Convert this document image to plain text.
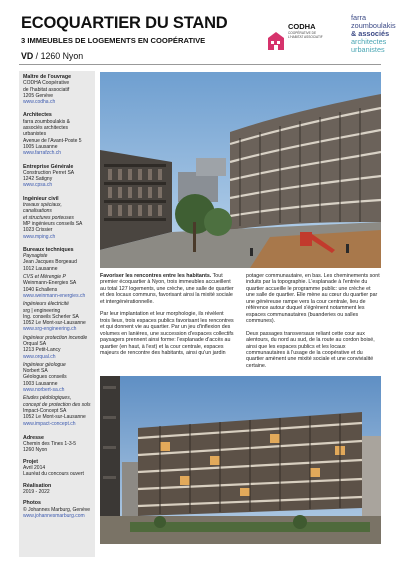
ECOQUARTIER DU STAND
3 IMMEUBLES DE LOGEMENTS EN COOPÉRATIVE
VD / 1260 Nyon
CODHA
COOPÉRATIVE DE L'HABITAT ASSOCIATIF
farra
zoumboulakis
& associés
architectes
urbanistes
Maître de l'ouvrage
CODHA Coopérative
de l'habitat associatif
1205 Genève
www.codha.ch
Architectes
farra zoumboulakis &
associés architectes
urbanistes
Avenue de l'Avant-Poste 5
1005 Lausanne
www.farrafzch.ch
Entreprise Générale
Construction Perret SA
1242 Satigny
www.cpsa.ch
Ingénieur civil
travaux spéciaux, canalisations
et structures porteuses
MP ingénieurs conseils SA
1023 Crissier
www.mping.ch
Bureaux techniques
Paysagiste
Jean Jacques Borgeaud
1012 Lausanne
CVS et Mérengie P
Weinmann-Energies SA
1040 Echallens
www.weinmann-energies.ch
Ingénieurs électricité
srg | engineering
Ing. conseils Scherler SA
1052 Le Mont-sur-Lausanne
www.srg-engineering.ch
Ingénieur protection incendie
Orqual SA
1213 Petit-Lancy
www.orqual.ch
Ingénieur géologue
Norbert SA
Géologues conseils
1003 Lausanne
www.norbert-sa.ch
Etudes pédologiques,
concept de protection des sols
Impact-Concept SA
1052 Le Mont-sur-Lausanne
www.impact-concept.ch
Adresse
Chemin des Tines 1-3-5
1260 Nyon
Projet
Avril 2014
Lauréat du concours ouvert
Réalisation
2019 - 2022
Photos
© Johannes Marburg, Genève
www.johannesmarburg.com

Favoriser les rencontres entre les habitants. Tout premier écoquartier à Nyon, trois immeubles accueillent au total 127 logements, une crèche, une salle de quartier et des locaux communs, favorisant ainsi la mixité sociale et intergénérationnelle.

Par leur implantation et leur morphologie, ils révèlent trois lieux, trois espaces publics favorisant les rencontres et qui donnent vie au quartier. Par un jeu d'inflexion des volumes en lanières, une succession d'espaces collectifs paysagers prennent ainsi forme: l'esplanade d'accès au quartier (en haut, à l'est) et la cour centrale, espaces majeurs de rencontre des habitants, ainsi qu'un jardin

potager communautaire, en bas. Les cheminements sont induits par la topographie. L'esplanade à l'entrée du quartier accueille le programme public: une crèche et une salle de quartier. Elle mène au cœur du quartier par une généreuse rampe vers la cour centrale, lieu de référence autour duquel s'égrènent notamment les espaces communautaires (buanderies ou salles communes).

Deux passages transversaux reliant cette cour aux alentours, du nord au sud, de la route au cordon boisé, ainsi que les espaces publics et les locaux communautaires à l'usage de la coopérative et du quartier amènent une mixité sociale et une convivialité certaine.
